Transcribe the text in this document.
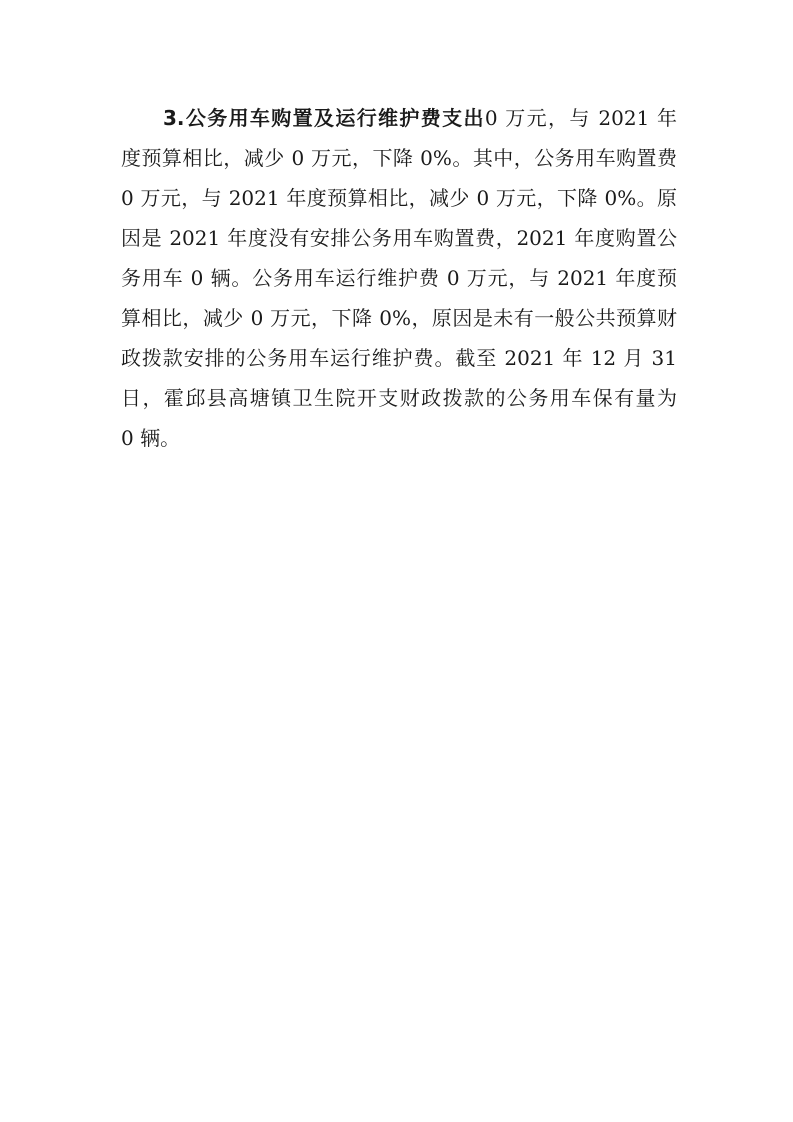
3.公务用车购置及运行维护费支出0 万元，与 2021 年
度预算相比，减少 0 万元，下降 0%。其中，公务用车购置费
0 万元，与 2021 年度预算相比，减少 0 万元，下降 0%。原
因是 2021 年度没有安排公务用车购置费，2021 年度购置公
务用车 0 辆。公务用车运行维护费 0 万元，与 2021 年度预
算相比，减少 0 万元，下降 0%，原因是未有一般公共预算财
政拨款安排的公务用车运行维护费。截至 2021 年 12 月 31
日，霍邱县高塘镇卫生院开支财政拨款的公务用车保有量为
0 辆。
